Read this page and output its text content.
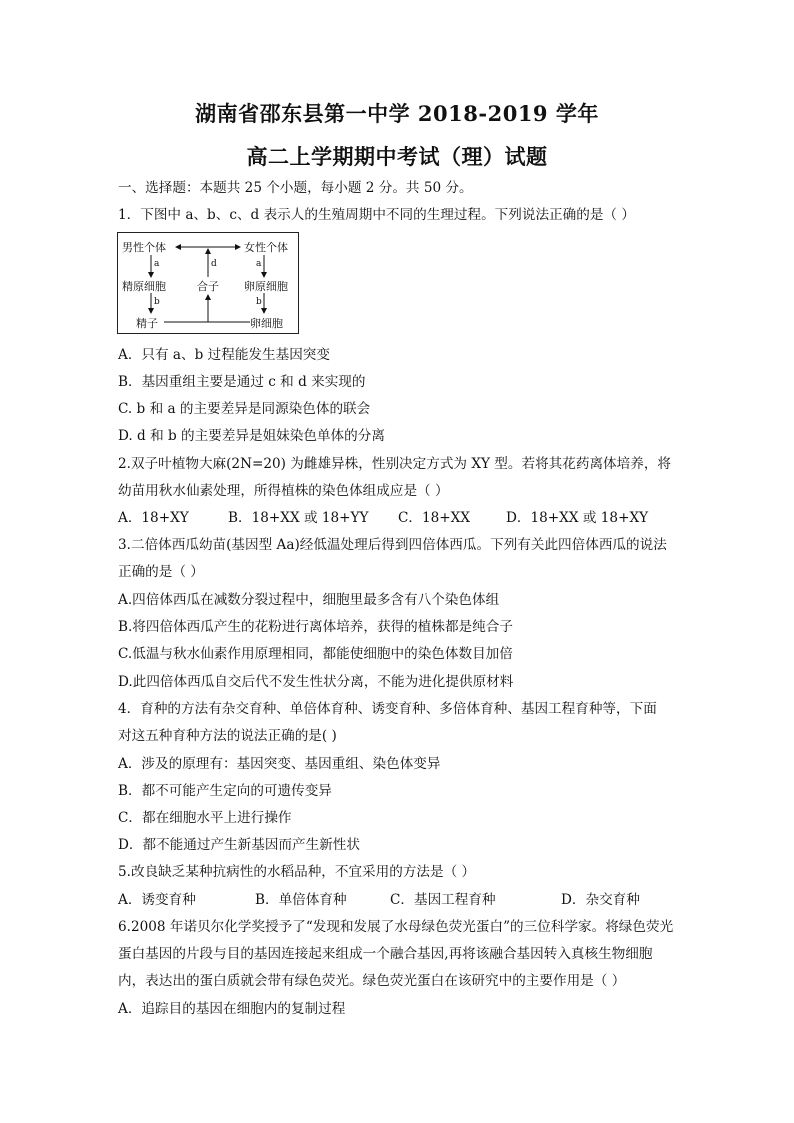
湖南省邵东县第一中学 2018-2019 学年
高二上学期期中考试（理）试题
一、选择题：本题共 25 个小题，每小题 2 分。共 50 分。
1．下图中 a、b、c、d 表示人的生殖周期中不同的生理过程。下列说法正确的是（ ）
男性个体	女性个体
a	d	a
精原细胞	合子 卵原细胞
b	b
精子	卵细胞
A．只有 a、b 过程能发生基因突变
B．基因重组主要是通过 c 和 d 来实现的
C. b 和 a 的主要差异是同源染色体的联会
D. d 和 b 的主要差异是姐妹染色单体的分离
2.双子叶植物大麻(2N=20) 为雌雄异株，性别决定方式为 XY 型。若将其花药离体培养，将
幼苗用秋水仙素处理，所得植株的染色体组成应是（ ）
A．18+XY	B．18+XX 或 18+YY C．18+XX	D．18+XX 或 18+XY
3.二倍体西瓜幼苗(基因型 Aa)经低温处理后得到四倍体西瓜。下列有关此四倍体西瓜的说法
正确的是（ ）
A.四倍体西瓜在减数分裂过程中，细胞里最多含有八个染色体组
B.将四倍体西瓜产生的花粉进行离体培养，获得的植株都是纯合子
C.低温与秋水仙素作用原理相同，都能使细胞中的染色体数目加倍
D.此四倍体西瓜自交后代不发生性状分离，不能为进化提供原材料
4．育种的方法有杂交育种、单倍体育种、诱变育种、多倍体育种、基因工程育种等，下面
对这五种育种方法的说法正确的是( )
A．涉及的原理有：基因突变、基因重组、染色体变异
B．都不可能产生定向的可遗传变异
C．都在细胞水平上进行操作
D．都不能通过产生新基因而产生新性状
5.改良缺乏某种抗病性的水稻品种，不宜采用的方法是（ ）
A．诱变育种	B．单倍体育种	C．基因工程育种	D．杂交育种
6.2008 年诺贝尔化学奖授予了“发现和发展了水母绿色荧光蛋白”的三位科学家。将绿色荧光
蛋白基因的片段与目的基因连接起来组成一个融合基因,再将该融合基因转入真核生物细胞
内，表达出的蛋白质就会带有绿色荧光。绿色荧光蛋白在该研究中的主要作用是（ ）
A．追踪目的基因在细胞内的复制过程
